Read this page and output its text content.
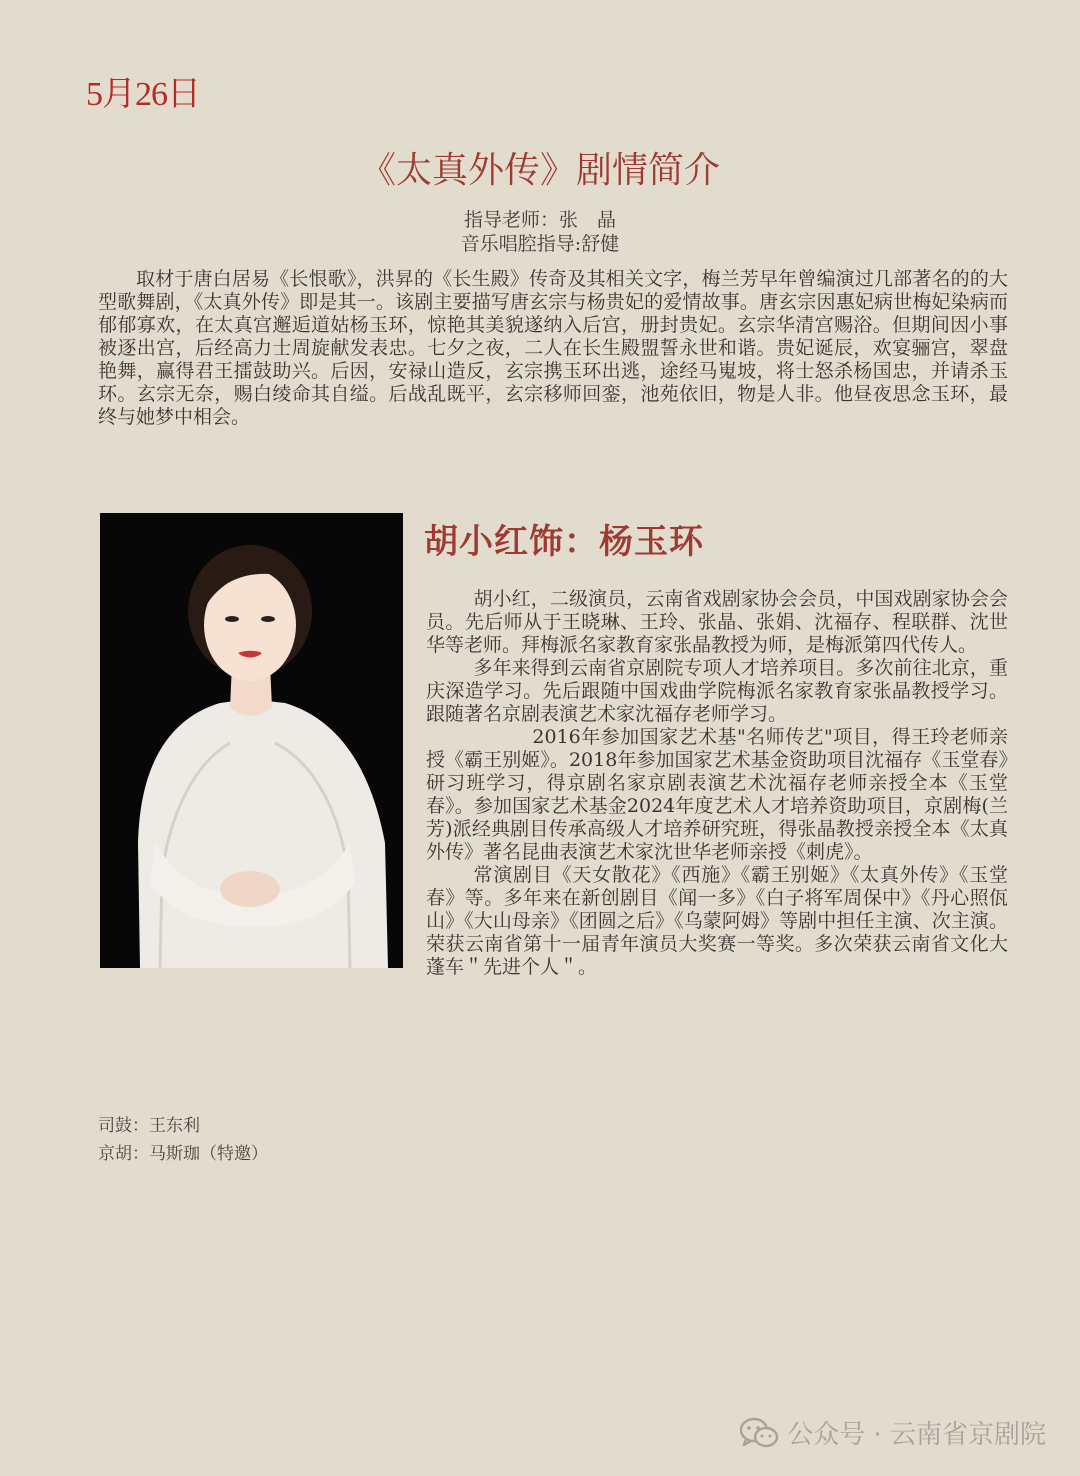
5月26日
《太真外传》剧情简介
指导老师：张　晶
音乐唱腔指导:舒健

取材于唐白居易《长恨歌》，洪昇的《长生殿》传奇及其相关文字，梅兰芳早年曾编演过几部著名的的大型歌舞剧，《太真外传》即是其一。该剧主要描写唐玄宗与杨贵妃的爱情故事。唐玄宗因惠妃病世梅妃染病而郁郁寡欢，在太真宫邂逅道姑杨玉环，惊艳其美貌遂纳入后宫，册封贵妃。玄宗华清宫赐浴。但期间因小事被逐出宫，后经高力士周旋献发表忠。七夕之夜，二人在长生殿盟誓永世和谐。贵妃诞辰，欢宴骊宫，翠盘艳舞，赢得君王擂鼓助兴。后因，安禄山造反，玄宗携玉环出逃，途经马嵬坡，将士怒杀杨国忠，并请杀玉环。玄宗无奈，赐白绫命其自缢。后战乱既平，玄宗移师回銮，池苑依旧，物是人非。他昼夜思念玉环，最终与她梦中相会。

胡小红饰：杨玉环

胡小红，二级演员，云南省戏剧家协会会员，中国戏剧家协会会员。先后师从于王晓琳、王玲、张晶、张娟、沈福存、程联群、沈世华等老师。拜梅派名家教育家张晶教授为师，是梅派第四代传人。

多年来得到云南省京剧院专项人才培养项目。多次前往北京，重庆深造学习。先后跟随中国戏曲学院梅派名家教育家张晶教授学习。跟随著名京剧表演艺术家沈福存老师学习。

2016年参加国家艺术基"名师传艺"项目，得王玲老师亲授《霸王别姬》。2018年参加国家艺术基金资助项目沈福存《玉堂春》研习班学习，得京剧名家京剧表演艺术沈福存老师亲授全本《玉堂春》。参加国家艺术基金2024年度艺术人才培养资助项目，京剧梅(兰芳)派经典剧目传承高级人才培养研究班，得张晶教授亲授全本《太真外传》著名昆曲表演艺术家沈世华老师亲授《刺虎》。

常演剧目《天女散花》《西施》《霸王别姬》《太真外传》《玉堂春》等。多年来在新创剧目《闻一多》《白子将军周保中》《丹心照佤山》《大山母亲》《团圆之后》《乌蒙阿姆》等剧中担任主演、次主演。荣获云南省第十一届青年演员大奖赛一等奖。多次荣获云南省文化大蓬车＂先进个人＂。

司鼓：王东利
京胡：马斯珈（特邀）
公众号 · 云南省京剧院
